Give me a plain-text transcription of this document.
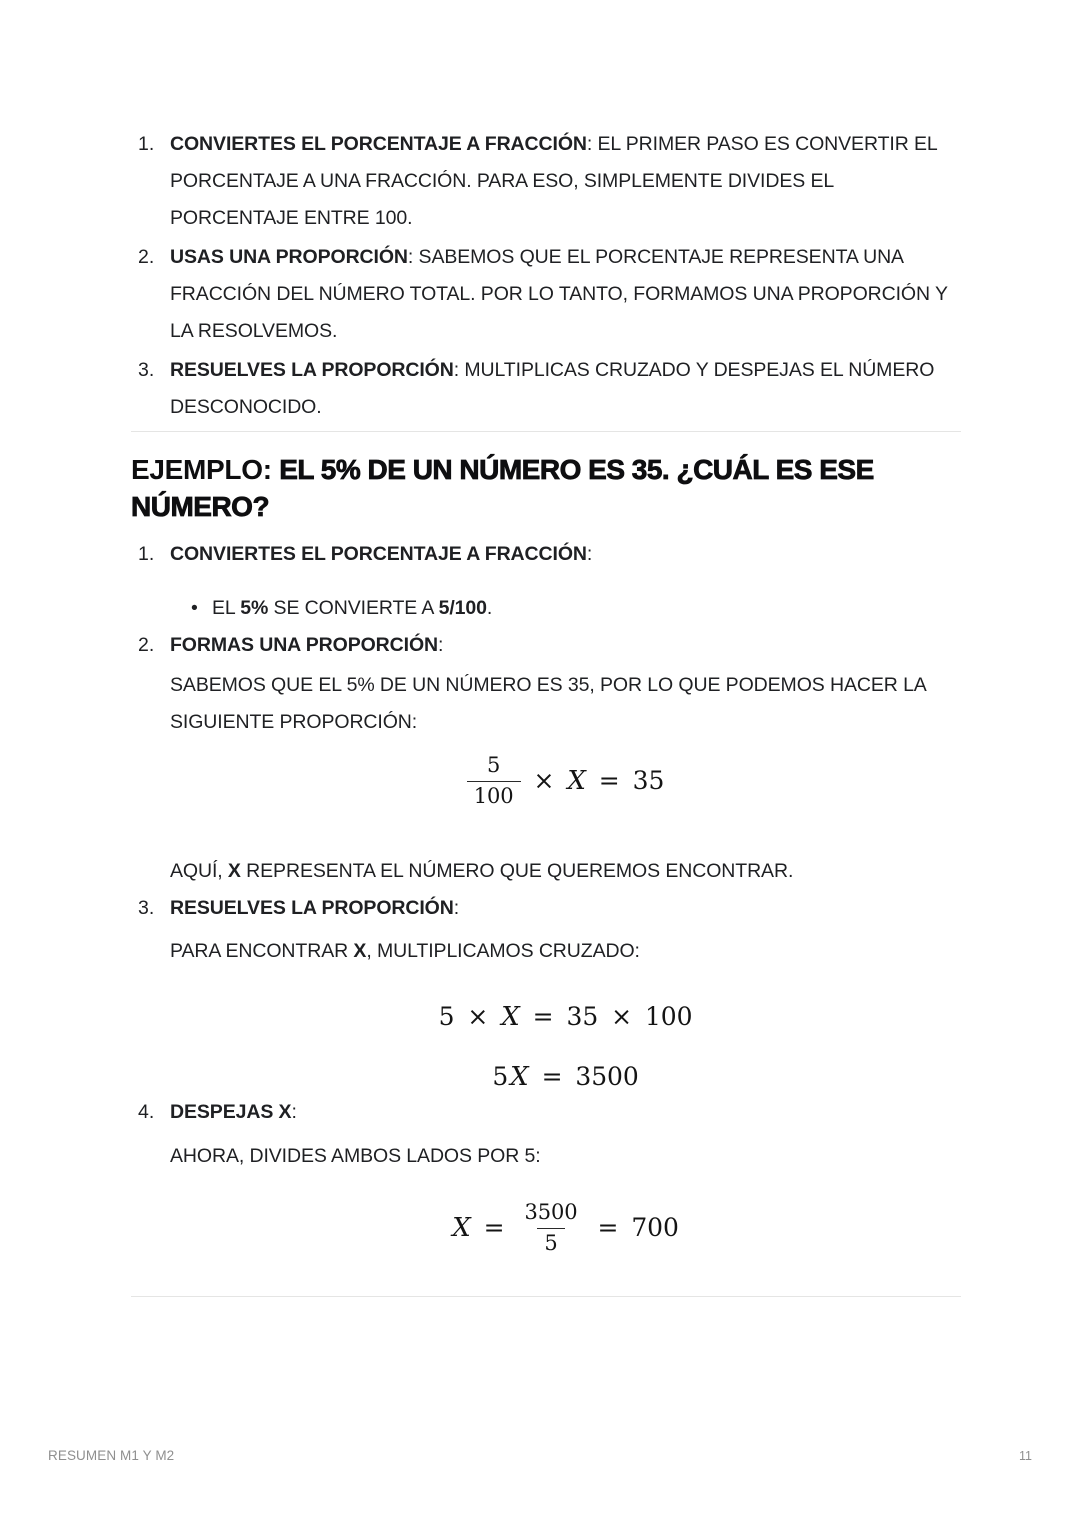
1. CONVIERTES EL PORCENTAJE A FRACCIÓN: EL PRIMER PASO ES CONVERTIR EL PORCENTAJE A UNA FRACCIÓN. PARA ESO, SIMPLEMENTE DIVIDES EL PORCENTAJE ENTRE 100.
2. USAS UNA PROPORCIÓN: SABEMOS QUE EL PORCENTAJE REPRESENTA UNA FRACCIÓN DEL NÚMERO TOTAL. POR LO TANTO, FORMAMOS UNA PROPORCIÓN Y LA RESOLVEMOS.
3. RESUELVES LA PROPORCIÓN: MULTIPLICAS CRUZADO Y DESPEJAS EL NÚMERO DESCONOCIDO.
EJEMPLO: EL 5% DE UN NÚMERO ES 35. ¿CUÁL ES ESE NÚMERO?
1. CONVIERTES EL PORCENTAJE A FRACCIÓN:
• EL 5% SE CONVIERTE A 5/100.
2. FORMAS UNA PROPORCIÓN:

SABEMOS QUE EL 5% DE UN NÚMERO ES 35, POR LO QUE PODEMOS HACER LA SIGUIENTE PROPORCIÓN:

$\frac{5}{100} \times X = 35$

AQUÍ, X REPRESENTA EL NÚMERO QUE QUEREMOS ENCONTRAR.

3. RESUELVES LA PROPORCIÓN:

PARA ENCONTRAR X, MULTIPLICAMOS CRUZADO:

5 × X = 35 × 100
5 X = 3500
4. DESPEJAS X:

AHORA, DIVIDES AMBOS LADOS POR 5:

$X = \frac{3500}{5} = 700$
RESUMEN M1 Y M2	11
